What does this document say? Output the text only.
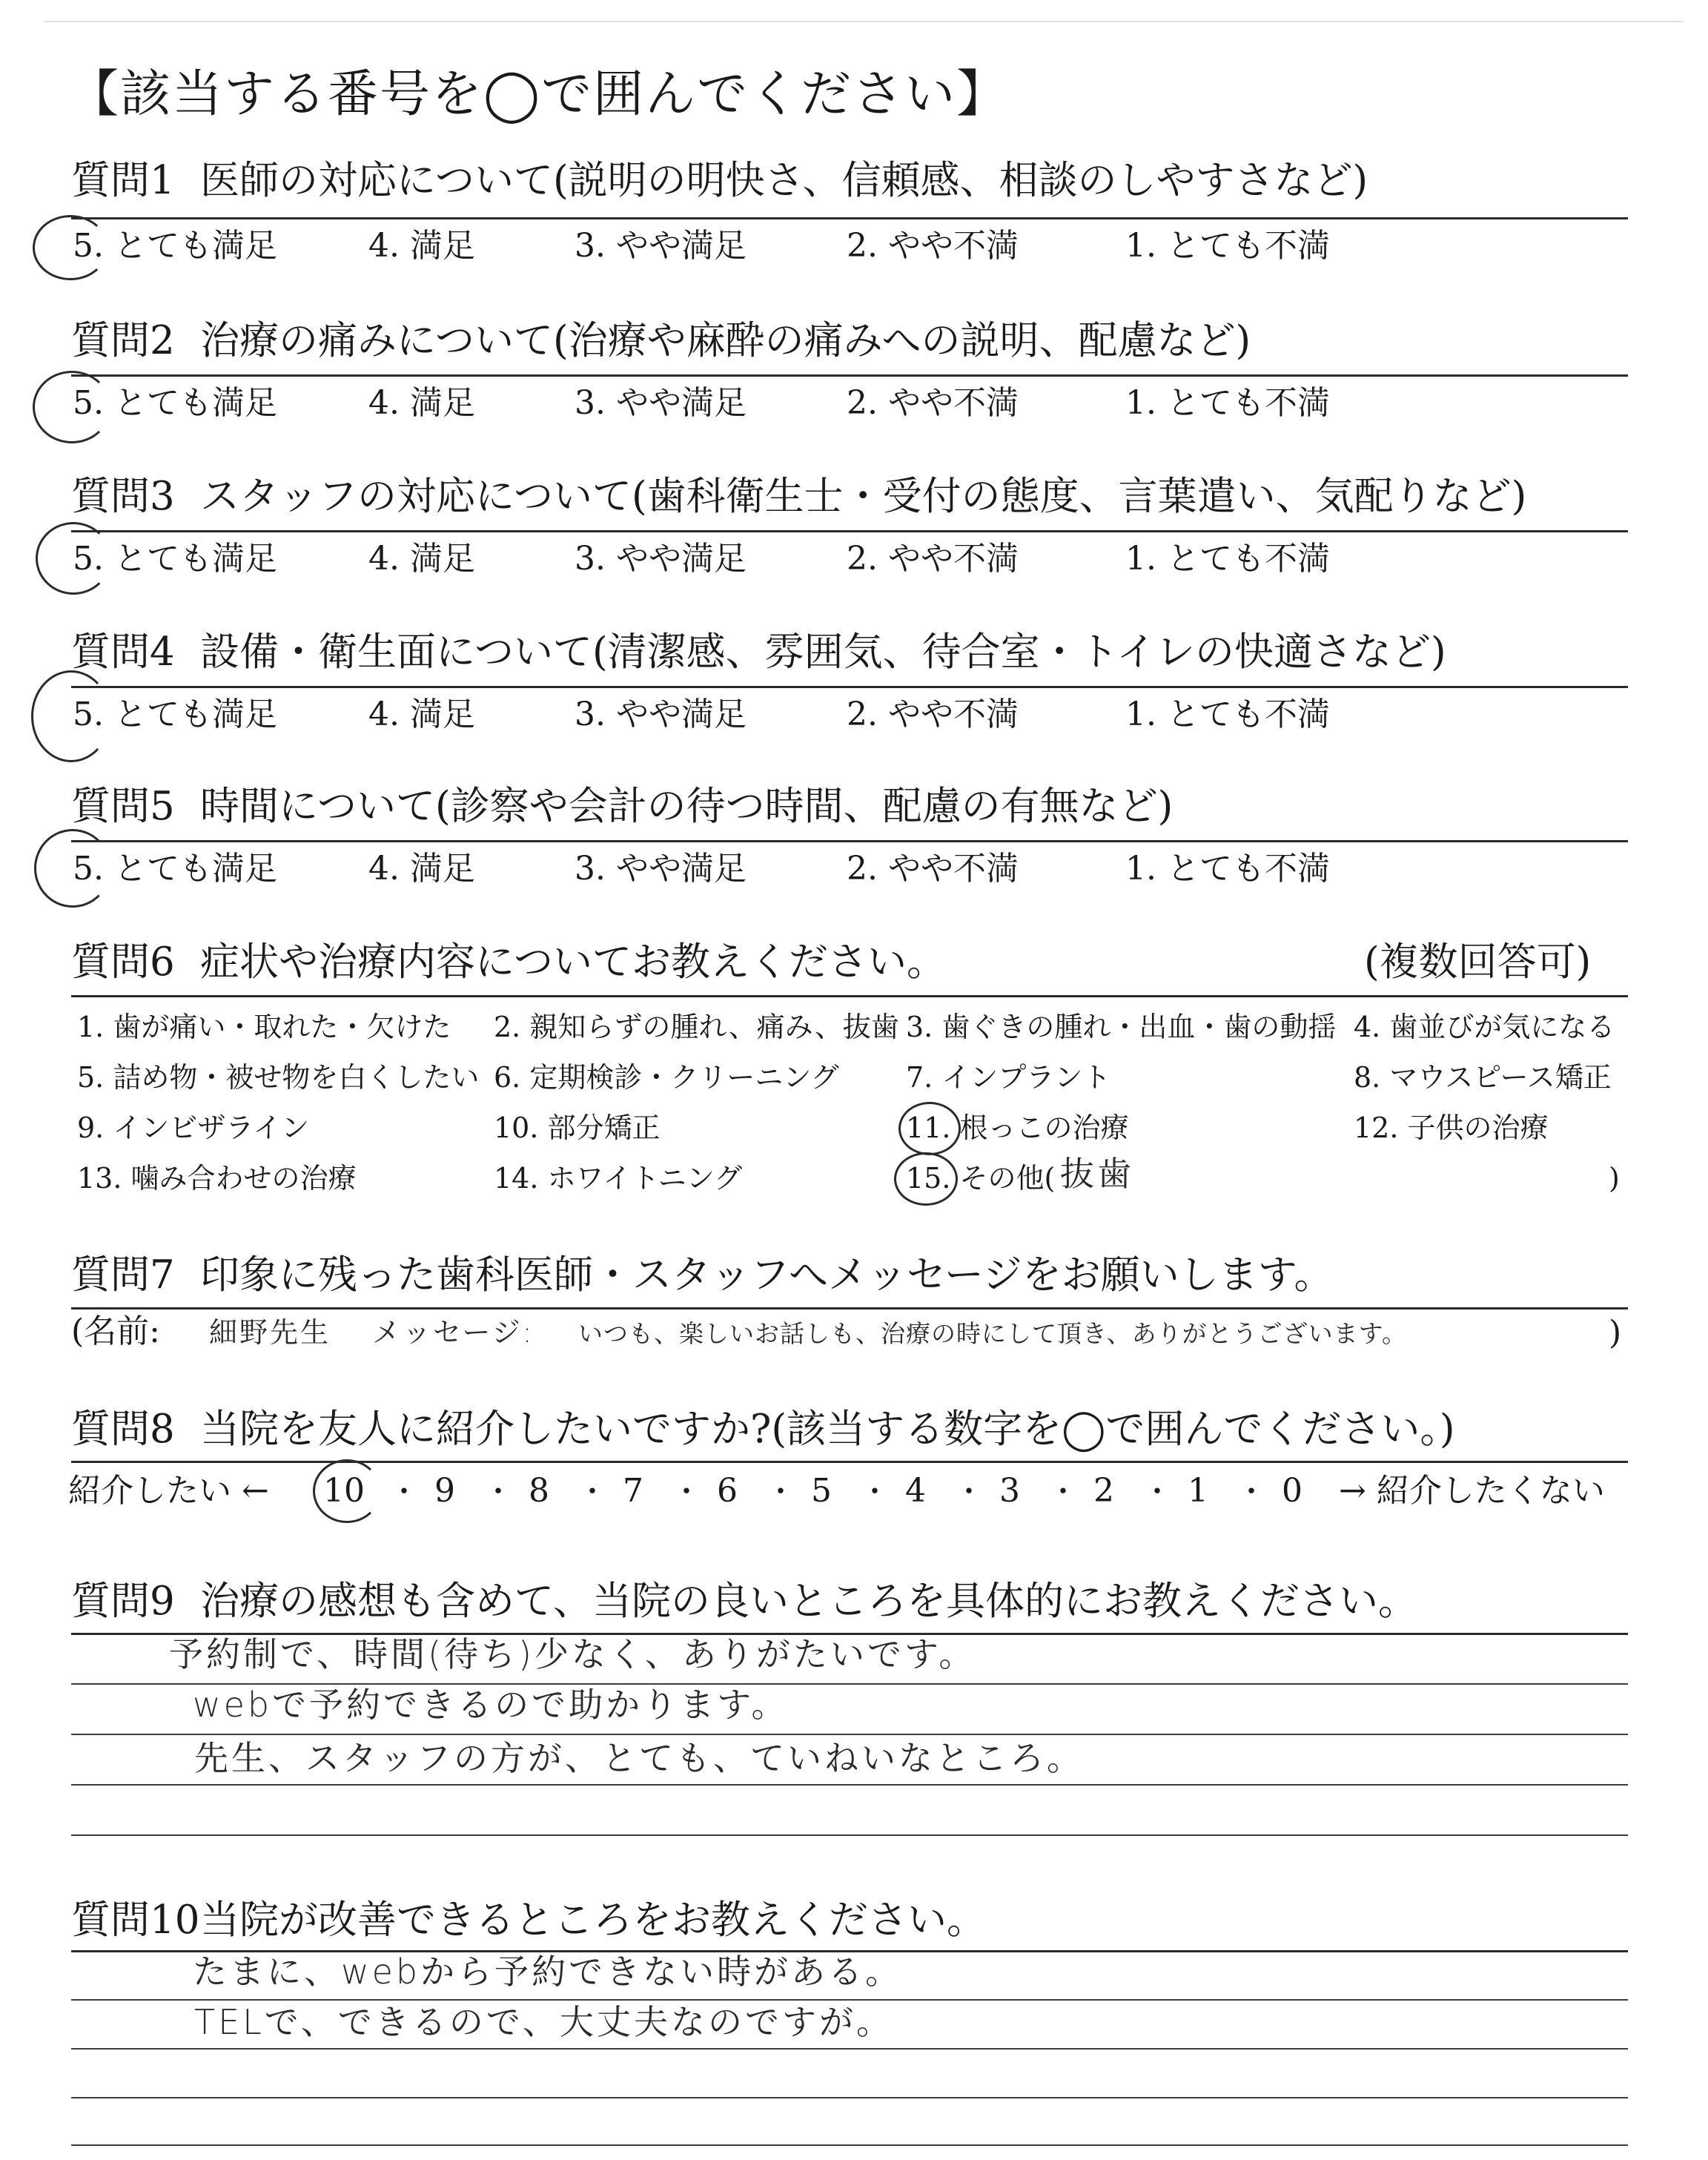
【該当する番号を◯で囲んでください】
質問1 医師の対応について(説明の明快さ、信頼感、相談のしやすさなど)
5. とても満足	4. 満足	3. やや満足	2. やや不満	1. とても不満
質問2 治療の痛みについて(治療や麻酔の痛みへの説明、配慮など)
5. とても満足	4. 満足	3. やや満足	2. やや不満	1. とても不満
質問3 スタッフの対応について(歯科衛生士・受付の態度、言葉遣い、気配りなど)
5. とても満足	4. 満足	3. やや満足	2. やや不満	1. とても不満
質問4 設備・衛生面について(清潔感、雰囲気、待合室・トイレの快適さなど)
5. とても満足	4. 満足	3. やや満足	2. やや不満	1. とても不満
質問5 時間について(診察や会計の待つ時間、配慮の有無など)
5. とても満足	4. 満足	3. やや満足	2. やや不満	1. とても不満
質問6 症状や治療内容についてお教えください。	(複数回答可)
1. 歯が痛い・取れた・欠けた 2. 親知らずの腫れ、痛み、抜歯 3. 歯ぐきの腫れ・出血・歯の動揺 4. 歯並びが気になる
5. 詰め物・被せ物を白くしたい 6. 定期検診・クリーニング 7. インプラント	8. マウスピース矯正
9. インビザライン	10. 部分矯正	11. 根っこの治療	12. 子供の治療
13. 噛み合わせの治療	14. ホワイトニング	15. その他( 抜歯	)
質問7 印象に残った歯科医師・スタッフへメッセージをお願いします。
(名前: 細野先生 メッセージ: いつも、楽しいお話しも、治療の時にして頂き、ありがとうございます。	)
質問8 当院を友人に紹介したいですか?(該当する数字を◯で囲んでください。)
紹介したい ← 10 ・ 9 ・ 8 ・ 7 ・ 6 ・ 5 ・ 4 ・ 3 ・ 2 ・ 1 ・ 0	→ 紹介したくない
質問9 治療の感想も含めて、当院の良いところを具体的にお教えください。
予約制で、時間(待ち)少なく、ありがたいです。
webで予約できるので助かります。
先生、スタッフの方が、とても、ていねいなところ。
質問10当院が改善できるところをお教えください。
たまに、webから予約できない時がある。
TELで、できるので、大丈夫なのですが。
